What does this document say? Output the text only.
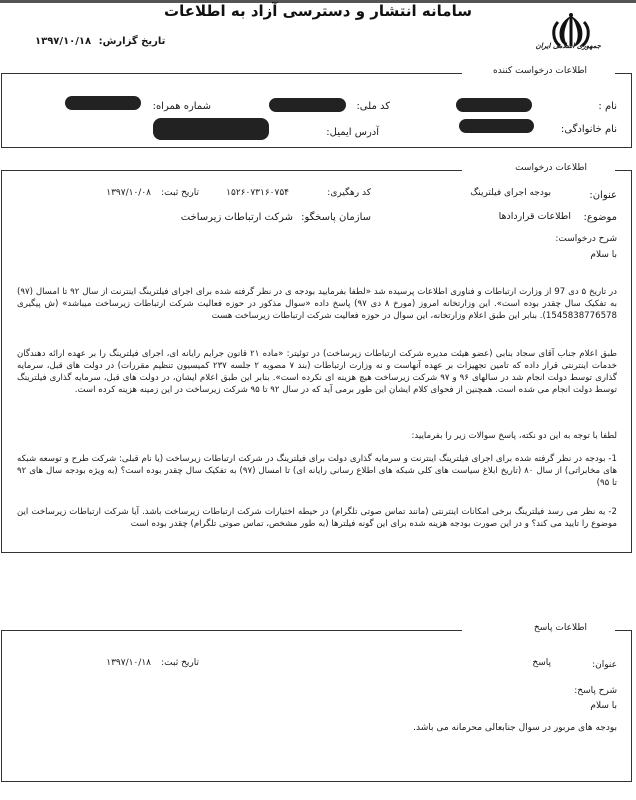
سامانه انتشار و دسترسی آزاد به اطلاعات
جمهوری اسلامی ایران
تاریخ گزارش: ۱۳۹۷/۱۰/۱۸
اطلاعات درخواست کننده
نام :
کد ملی:
شماره همراه:
نام خانوادگی:
آدرس ایمیل:
اطلاعات درخواست
عنوان:
بودجه اجرای فیلترینگ
کد رهگیری:
۱۵۲۶۰۷۳۱۶۰۷۵۴
تاریخ ثبت:
۱۳۹۷/۱۰/۰۸
موضوع:
اطلاعات قراردادها
سازمان پاسخگو:
شرکت ارتباطات زیرساخت
شرح درخواست:
با سلام
در تاریخ ۵ دی 97 از وزارت ارتباطات و فناوری اطلاعات پرسیده شد «لطفا بفرمایید بودجه ی در نظر گرفته شده برای اجرای فیلترینگ اینترنت از سال ۹۲ تا امسال (۹۷) به تفکیک سال چقدر بوده است». این وزارتخانه امروز (مورخ ۸ دی ۹۷) پاسخ داده «سوال مذکور در حوزه فعالیت شرکت ارتباطات زیرساخت میباشد» (ش پیگیری 1545838776578). بنابر این طبق اعلام وزارتخانه، این سوال در حوزه فعالیت شرکت ارتباطات زیرساخت هست
طبق اعلام جناب آقای سجاد بنابی (عضو هیئت مدیره شرکت ارتباطات زیرساخت) در توئیتر: «ماده ۲۱ قانون جرایم رایانه ای، اجرای فیلترینگ را بر عهده ارائه دهندگان خدمات اینترنتی قرار داده که تامین تجهیزات بر عهده آنهاست و نه وزارت ارتباطات (بند ۷ مصوبه ۲ جلسه ۲۳۷ کمیسیون تنظیم مقررات) در دولت های قبل، سرمایه گذاری توسط دولت انجام شد در سالهای ۹۶ و ۹۷ شرکت زیرساخت هیچ هزینه ای نکرده است». بنابر این طبق اعلام ایشان، در دولت های قبل، سرمایه گذاری فیلترینگ توسط دولت انجام می شده است. همچنین از فحوای کلام ایشان این طور برمی آید که در سال ۹۲ تا ۹۵ شرکت زیرساخت در این زمینه هزینه کرده است.
لطفا با توجه به این دو نکته، پاسخ سوالات زیر را بفرمایید:
1- بودجه در نظر گرفته شده برای اجرای فیلترینگ اینترنت و سرمایه گذاری دولت برای فیلترینگ در شرکت ارتباطات زیرساخت (یا نام قبلی: شرکت طرح و توسعه شبکه های مخابراتی) از سال ۸۰ (تاریخ ابلاغ سیاست های کلی شبکه های اطلاع رسانی رایانه ای) تا امسال (۹۷) به تفکیک سال چقدر بوده است؟ (به ویژه بودجه سال های ۹۲ تا ۹۵)
2- به نظر می رسد فیلترینگ برخی امکانات اینترنتی (مانند تماس صوتی تلگرام) در حیطه اختیارات شرکت ارتباطات زیرساخت باشد. آیا شرکت ارتباطات زیرساخت این موضوع را تایید می کند؟ و در این صورت بودجه هزینه شده برای این گونه فیلترها (به طور مشخص، تماس صوتی تلگرام) چقدر بوده است
اطلاعات پاسخ
عنوان:
پاسخ
تاریخ ثبت:
۱۳۹۷/۱۰/۱۸
شرح پاسخ:
با سلام
بودجه های مربور در سوال جنابعالی محرمانه می باشد.
